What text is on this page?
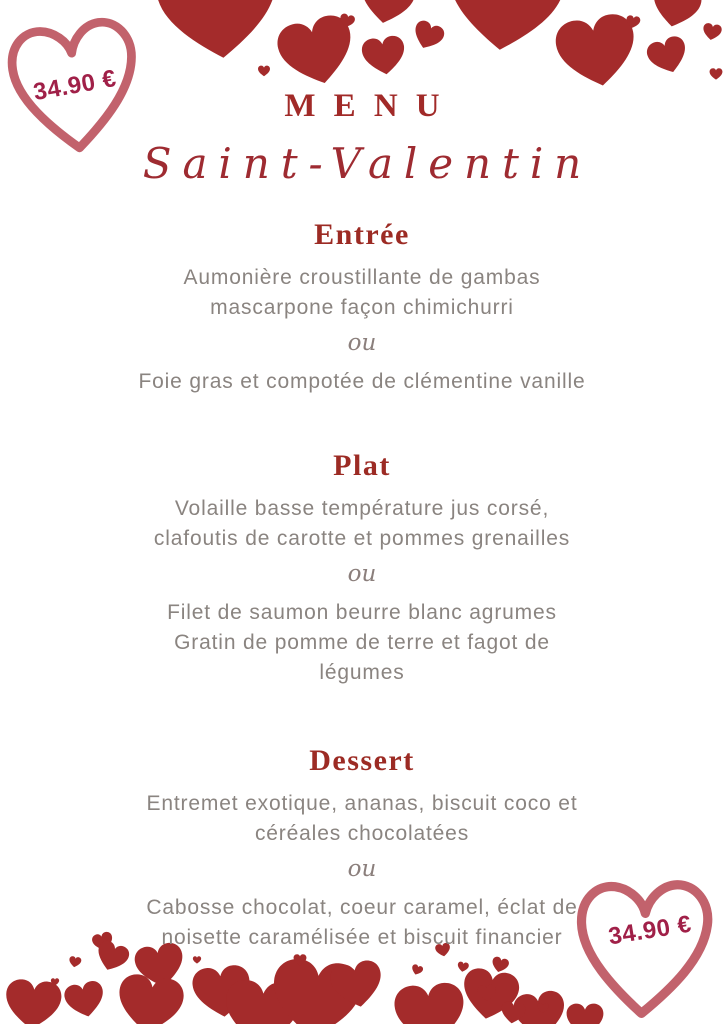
34.90 €
34.90 €
MENU
Saint-Valentin
Entrée

Aumonière croustillante de gambas
mascarpone façon chimichurri

ou

Foie gras et compotée de clémentine vanille

Plat

Volaille basse température jus corsé,
clafoutis de carotte et pommes grenailles

ou

Filet de saumon beurre blanc agrumes
Gratin de pomme de terre et fagot de
légumes

Dessert

Entremet exotique, ananas, biscuit coco et
céréales chocolatées

ou

Cabosse chocolat, coeur caramel, éclat de
noisette caramélisée et biscuit financier
